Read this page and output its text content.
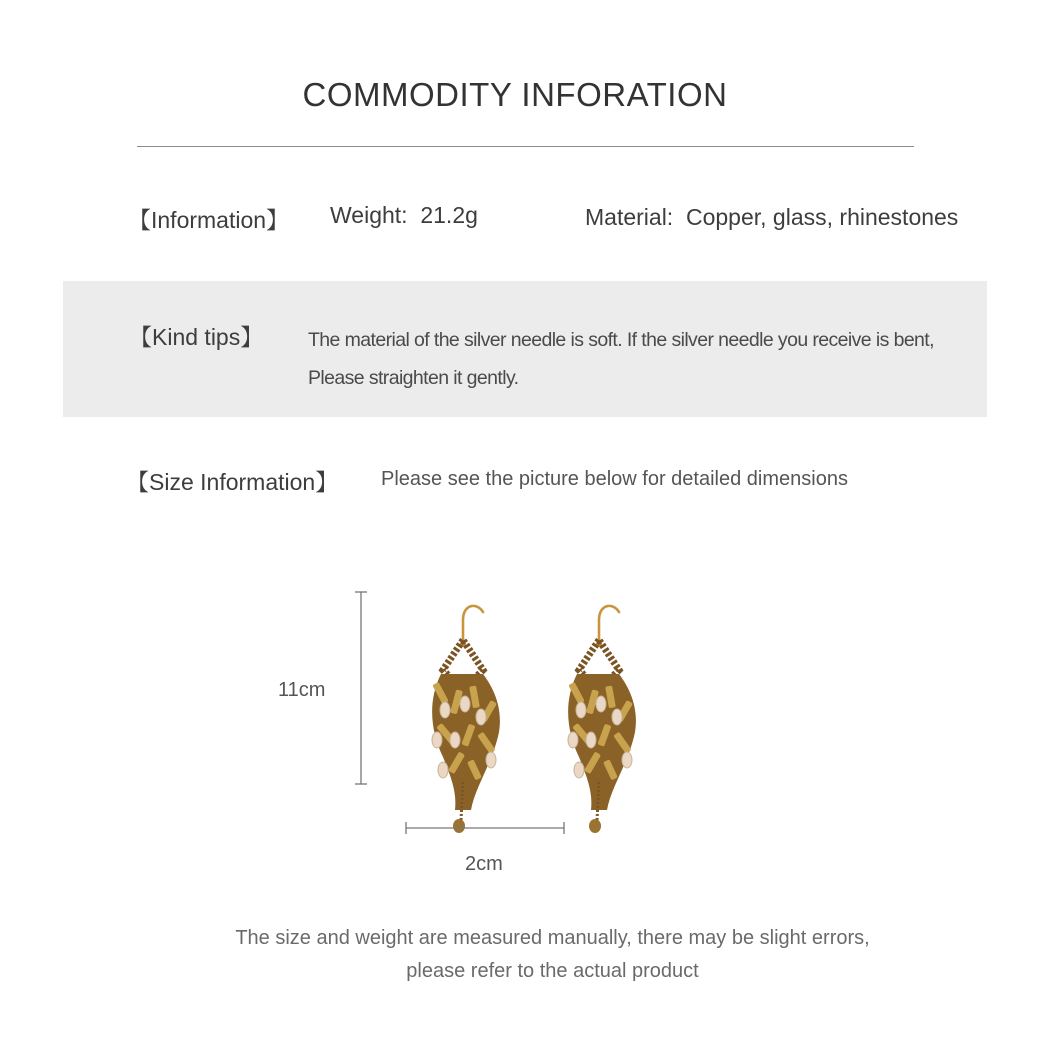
COMMODITY INFORATION
【Information】 Weight: 21.2g	Material: Copper, glass, rhinestones
【Kind tips】 The material of the silver needle is soft. If the silver needle you receive is bent,
Please straighten it gently.
【Size Information】 Please see the picture below for detailed dimensions
11cm
2cm
The size and weight are measured manually, there may be slight errors,
please refer to the actual product
